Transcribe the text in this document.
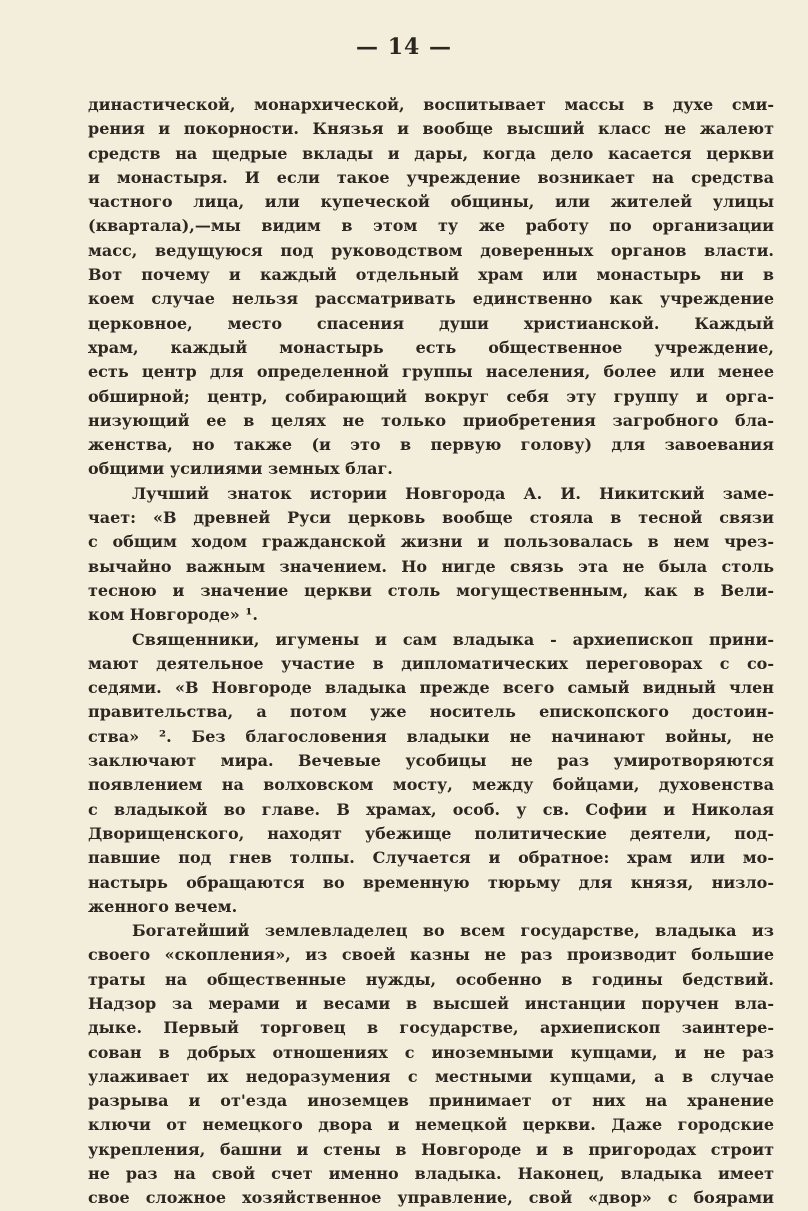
— 14 —
династической, монархической, воспитывает массы в духе сми-
рения и покорности. Князья и вообще высший класс не жалеют
средств на щедрые вклады и дары, когда дело касается церкви
и монастыря. И если такое учреждение возникает на средства
частного лица, или купеческой общины, или жителей улицы
(квартала),—мы видим в этом ту же работу по организации
масс, ведущуюся под руководством доверенных органов власти.
Вот почему и каждый отдельный храм или монастырь ни в
коем случае нельзя рассматривать единственно как учреждение
церковное, место спасения души христианской. Каждый
храм, каждый монастырь есть общественное учреждение,
есть центр для определенной группы населения, более или менее
обширной; центр, собирающий вокруг себя эту группу и орга-
низующий ее в целях не только приобретения загробного бла-
женства, но также (и это в первую голову) для завоевания
общими усилиями земных благ.
Лучший знаток истории Новгорода А. И. Никитский заме-
чает: «В древней Руси церковь вообще стояла в тесной связи
с общим ходом гражданской жизни и пользовалась в нем чрез-
вычайно важным значением. Но нигде связь эта не была столь
тесною и значение церкви столь могущественным, как в Вели-
ком Новгороде» ¹.
Священники, игумены и сам владыка - архиепископ прини-
мают деятельное участие в дипломатических переговорах с со-
седями. «В Новгороде владыка прежде всего самый видный член
правительства, а потом уже носитель епископского достоин-
ства» ². Без благословения владыки не начинают войны, не
заключают мира. Вечевые усобицы не раз умиротворяются
появлением на волховском мосту, между бойцами, духовенства
с владыкой во главе. В храмах, особ. у св. Софии и Николая
Дворищенского, находят убежище политические деятели, под-
павшие под гнев толпы. Случается и обратное: храм или мо-
настырь обращаются во временную тюрьму для князя, низло-
женного вечем.
Богатейший землевладелец во всем государстве, владыка из
своего «скопления», из своей казны не раз производит большие
траты на общественные нужды, особенно в годины бедствий.
Надзор за мерами и весами в высшей инстанции поручен вла-
дыке. Первый торговец в государстве, архиепископ заинтере-
сован в добрых отношениях с иноземными купцами, и не раз
улаживает их недоразумения с местными купцами, а в случае
разрыва и от'езда иноземцев принимает от них на хранение
ключи от немецкого двора и немецкой церкви. Даже городские
укрепления, башни и стены в Новгороде и в пригородах строит
не раз на свой счет именно владыка. Наконец, владыка имеет
свое сложное хозяйственное управление, свой «двор» с боярами
